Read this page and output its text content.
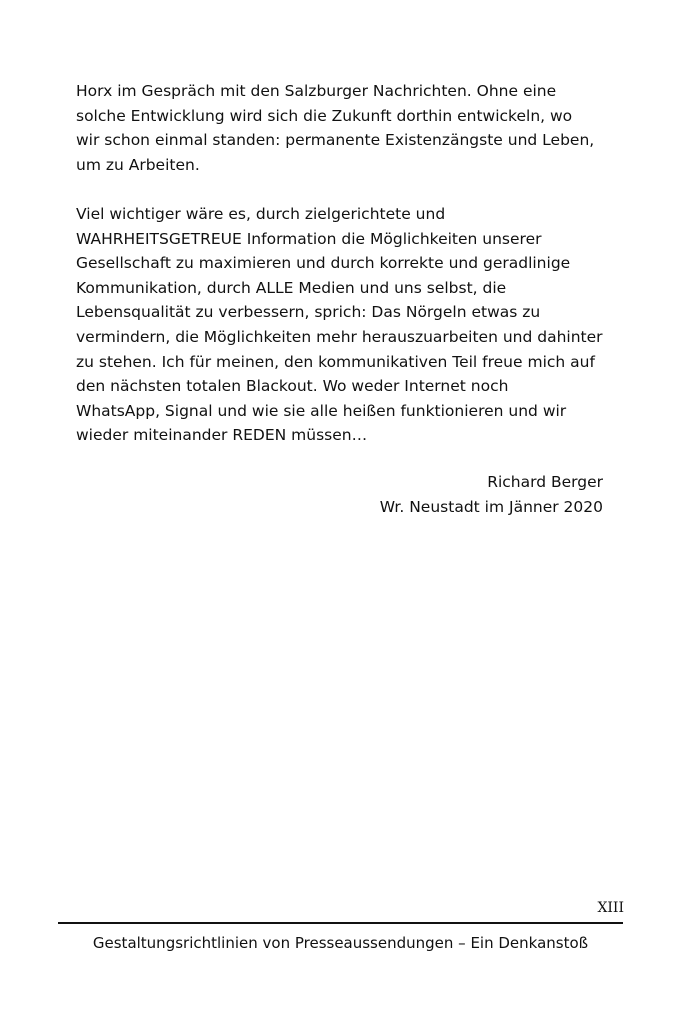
Horx im Gespräch mit den Salzburger Nachrichten. Ohne eine
solche Entwicklung wird sich die Zukunft dorthin entwickeln, wo
wir schon einmal standen: permanente Existenzängste und Leben,
um zu Arbeiten.

Viel wichtiger wäre es, durch zielgerichtete und
WAHRHEITSGETREUE Information die Möglichkeiten unserer
Gesellschaft zu maximieren und durch korrekte und geradlinige
Kommunikation, durch ALLE Medien und uns selbst, die
Lebensqualität zu verbessern, sprich: Das Nörgeln etwas zu
vermindern, die Möglichkeiten mehr herauszuarbeiten und dahinter
zu stehen. Ich für meinen, den kommunikativen Teil freue mich auf
den nächsten totalen Blackout. Wo weder Internet noch
WhatsApp, Signal und wie sie alle heißen funktionieren und wir
wieder miteinander REDEN müssen…

Richard Berger
Wr. Neustadt im Jänner 2020
XIII
Gestaltungsrichtlinien von Presseaussendungen – Ein Denkanstoß
